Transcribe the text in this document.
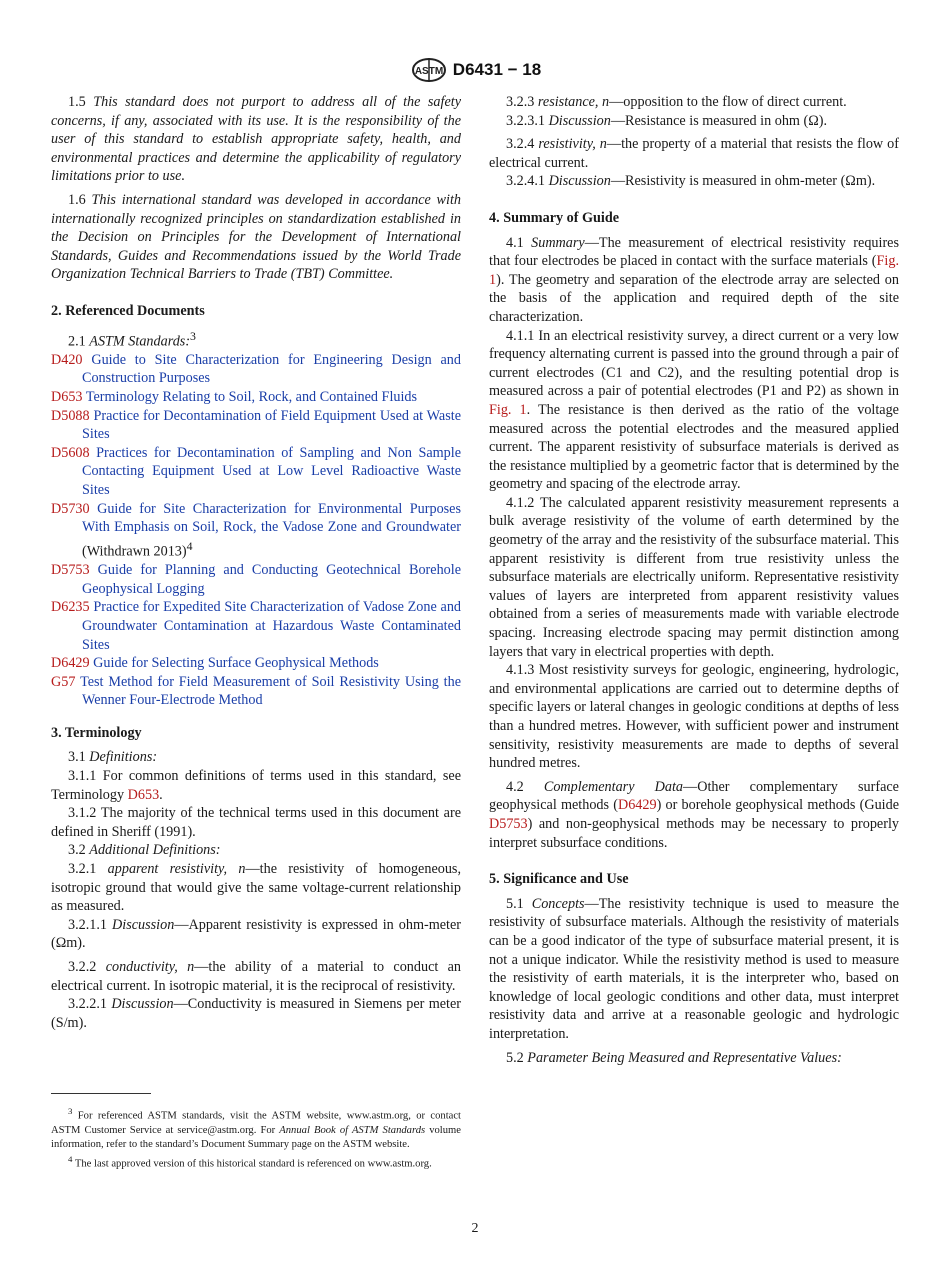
ASTM D6431 − 18

1.5 This standard does not purport to address all of the safety concerns, if any, associated with its use. It is the responsibility of the user of this standard to establish appropriate safety, health, and environmental practices and determine the applicability of regulatory limitations prior to use.

1.6 This international standard was developed in accordance with internationally recognized principles on standardization established in the Decision on Principles for the Development of International Standards, Guides and Recommendations issued by the World Trade Organization Technical Barriers to Trade (TBT) Committee.

2. Referenced Documents

2.1 ASTM Standards:$^3$

D420 Guide to Site Characterization for Engineering Design and Construction Purposes

D653 Terminology Relating to Soil, Rock, and Contained Fluids

D5088 Practice for Decontamination of Field Equipment Used at Waste Sites

D5608 Practices for Decontamination of Sampling and Non Sample Contacting Equipment Used at Low Level Radioactive Waste Sites

D5730 Guide for Site Characterization for Environmental Purposes With Emphasis on Soil, Rock, the Vadose Zone and Groundwater (Withdrawn 2013)$^4$

D5753 Guide for Planning and Conducting Geotechnical Borehole Geophysical Logging

D6235 Practice for Expedited Site Characterization of Vadose Zone and Groundwater Contamination at Hazardous Waste Contaminated Sites

D6429 Guide for Selecting Surface Geophysical Methods

G57 Test Method for Field Measurement of Soil Resistivity Using the Wenner Four-Electrode Method

3. Terminology

3.1 Definitions:

3.1.1 For common definitions of terms used in this standard, see Terminology D653.

3.1.2 The majority of the technical terms used in this document are defined in Sheriff (1991).

3.2 Additional Definitions:

3.2.1 apparent resistivity, n—the resistivity of homogeneous, isotropic ground that would give the same voltage-current relationship as measured.

3.2.1.1 Discussion—Apparent resistivity is expressed in ohm-meter (Ωm).

3.2.2 conductivity, n—the ability of a material to conduct an electrical current. In isotropic material, it is the reciprocal of resistivity.

3.2.2.1 Discussion—Conductivity is measured in Siemens per meter (S/m).

$^3$ For referenced ASTM standards, visit the ASTM website, www.astm.org, or contact ASTM Customer Service at service@astm.org. For Annual Book of ASTM Standards volume information, refer to the standard’s Document Summary page on the ASTM website.

$^4$ The last approved version of this historical standard is referenced on www.astm.org.

3.2.3 resistance, n—opposition to the flow of direct current.

3.2.3.1 Discussion—Resistance is measured in ohm (Ω).

3.2.4 resistivity, n—the property of a material that resists the flow of electrical current.

3.2.4.1 Discussion—Resistivity is measured in ohm-meter (Ωm).

4. Summary of Guide

4.1 Summary—The measurement of electrical resistivity requires that four electrodes be placed in contact with the surface materials (Fig. 1). The geometry and separation of the electrode array are selected on the basis of the application and required depth of the site characterization.

4.1.1 In an electrical resistivity survey, a direct current or a very low frequency alternating current is passed into the ground through a pair of current electrodes (C1 and C2), and the resulting potential drop is measured across a pair of potential electrodes (P1 and P2) as shown in Fig. 1. The resistance is then derived as the ratio of the voltage measured across the potential electrodes and the measured applied current. The apparent resistivity of subsurface materials is derived as the resistance multiplied by a geometric factor that is determined by the geometry and spacing of the electrode array.

4.1.2 The calculated apparent resistivity measurement represents a bulk average resistivity of the volume of earth determined by the geometry of the array and the resistivity of the subsurface material. This apparent resistivity is different from true resistivity unless the subsurface materials are electrically uniform. Representative resistivity values of layers are interpreted from apparent resistivity values obtained from a series of measurements made with variable electrode spacing. Increasing electrode spacing may permit distinction among layers that vary in electrical properties with depth.

4.1.3 Most resistivity surveys for geologic, engineering, hydrologic, and environmental applications are carried out to determine depths of specific layers or lateral changes in geologic conditions at depths of less than a hundred metres. However, with sufficient power and instrument sensitivity, resistivity measurements are made to depths of several hundred metres.

4.2 Complementary Data—Other complementary surface geophysical methods (D6429) or borehole geophysical methods (Guide D5753) and non-geophysical methods may be necessary to properly interpret subsurface conditions.

5. Significance and Use

5.1 Concepts—The resistivity technique is used to measure the resistivity of subsurface materials. Although the resistivity of materials can be a good indicator of the type of subsurface material present, it is not a unique indicator. While the resistivity method is used to measure the resistivity of earth materials, it is the interpreter who, based on knowledge of local geologic conditions and other data, must interpret resistivity data and arrive at a reasonable geologic and hydrologic interpretation.

5.2 Parameter Being Measured and Representative Values:

2
